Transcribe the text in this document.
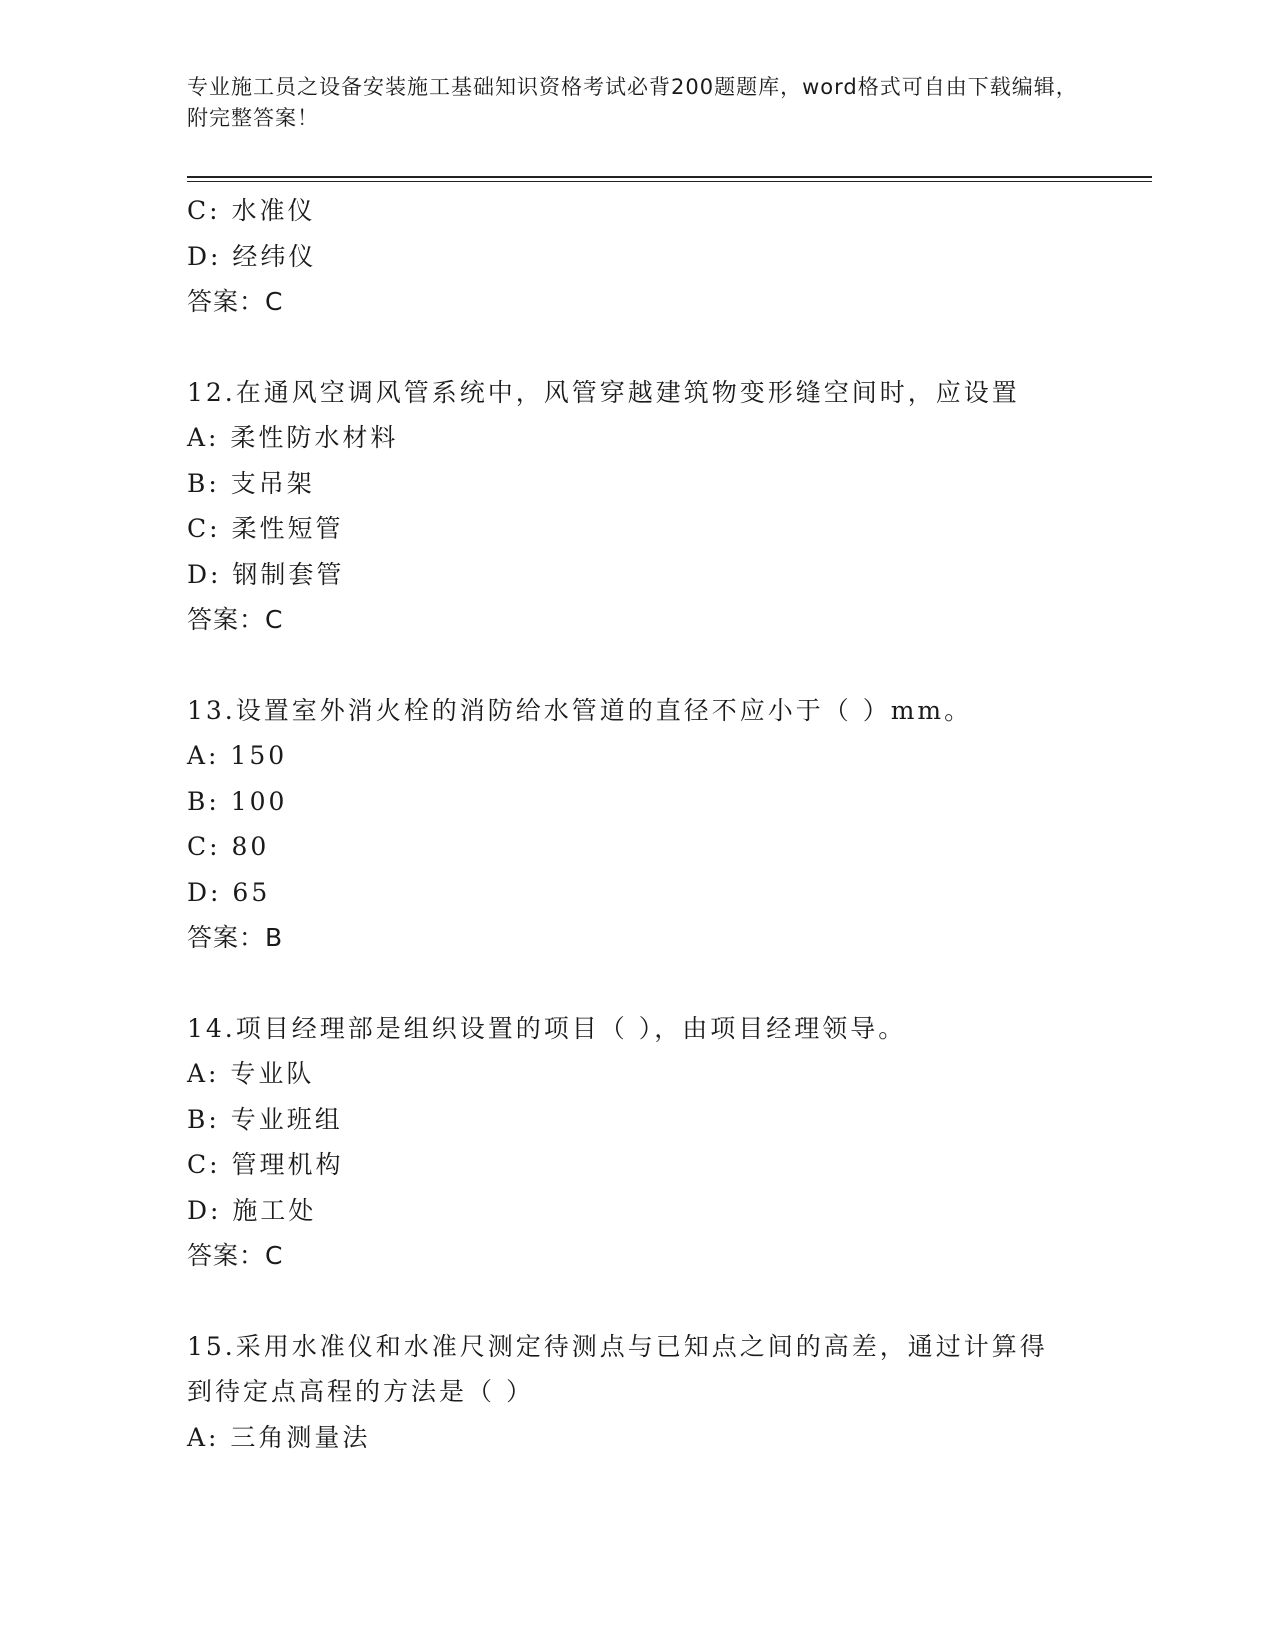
专业施工员之设备安装施工基础知识资格考试必背200题题库，word格式可自由下载编辑，附完整答案！
C: 水准仪
D: 经纬仪
答案：C
12.在通风空调风管系统中，风管穿越建筑物变形缝空间时，应设置
A: 柔性防水材料
B: 支吊架
C: 柔性短管
D: 钢制套管
答案：C
13.设置室外消火栓的消防给水管道的直径不应小于（ ）mm。
A: 150
B: 100
C: 80
D: 65
答案：B
14.项目经理部是组织设置的项目（ ），由项目经理领导。
A: 专业队
B: 专业班组
C: 管理机构
D: 施工处
答案：C
15.采用水准仪和水准尺测定待测点与已知点之间的高差，通过计算得到待定点高程的方法是（ ）
A: 三角测量法
